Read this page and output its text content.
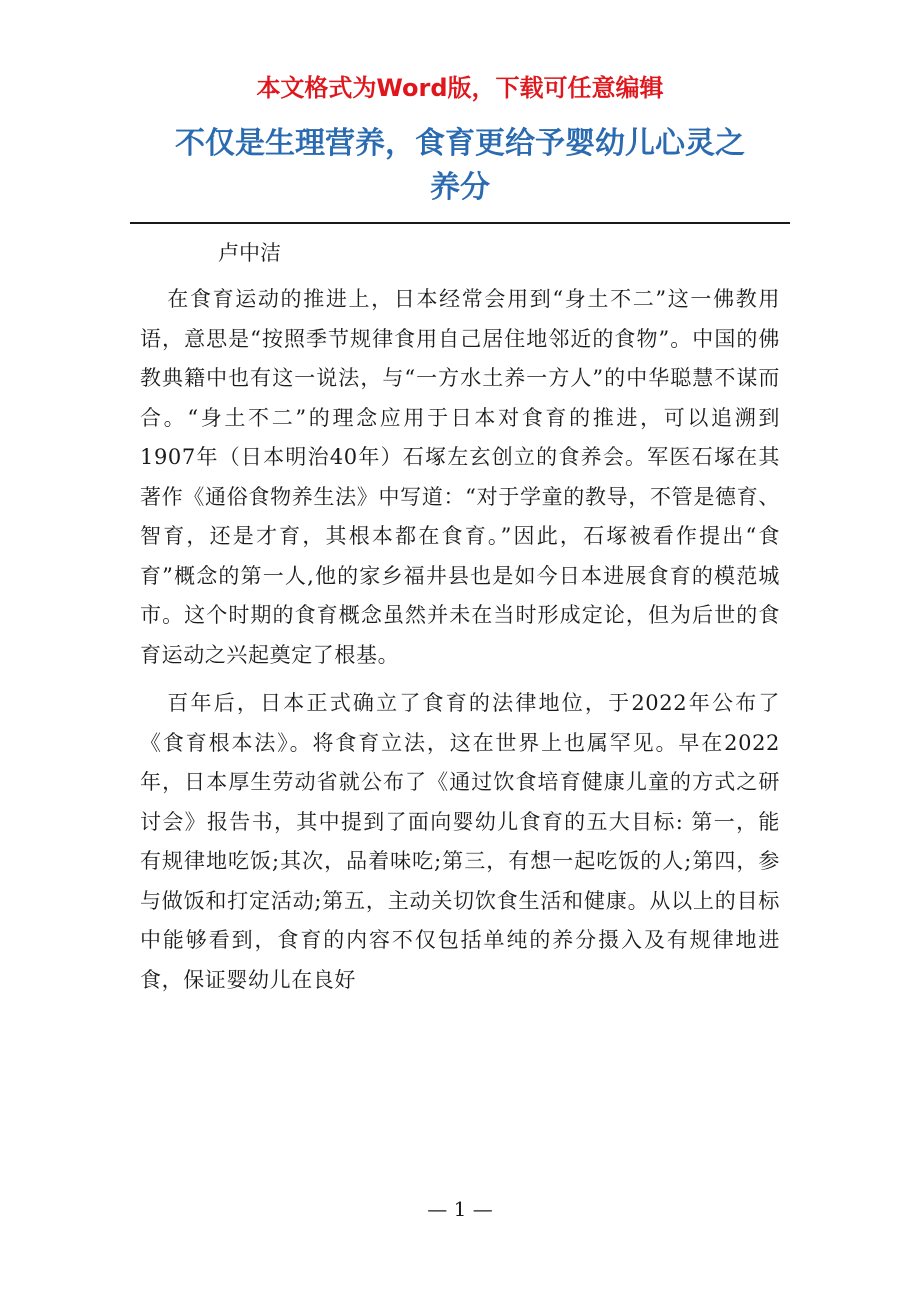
本文格式为Word版，下载可任意编辑
不仅是生理营养，食育更给予婴幼儿心灵之
养分
卢中洁

在食育运动的推进上，日本经常会用到“身土不二”这一佛教用语，意思是“按照季节规律食用自己居住地邻近的食物”。中国的佛教典籍中也有这一说法，与“一方水土养一方人”的中华聪慧不谋而合。“身土不二”的理念应用于日本对食育的推进，可以追溯到1907年（日本明治40年）石塚左玄创立的食养会。军医石塚在其著作《通俗食物养生法》中写道：“对于学童的教导，不管是德育、智育，还是才育，其根本都在食育。”因此，石塚被看作提出“食育”概念的第一人,他的家乡福井县也是如今日本进展食育的模范城市。这个时期的食育概念虽然并未在当时形成定论，但为后世的食育运动之兴起奠定了根基。

百年后，日本正式确立了食育的法律地位，于2022年公布了《食育根本法》。将食育立法，这在世界上也属罕见。早在2022年，日本厚生劳动省就公布了《通过饮食培育健康儿童的方式之研讨会》报告书，其中提到了面向婴幼儿食育的五大目标: 第一，能有规律地吃饭;其次，品着味吃;第三，有想一起吃饭的人;第四，参与做饭和打定活动;第五，主动关切饮食生活和健康。从以上的目标中能够看到，食育的内容不仅包括单纯的养分摄入及有规律地进食，保证婴幼儿在良好

— 1 —
